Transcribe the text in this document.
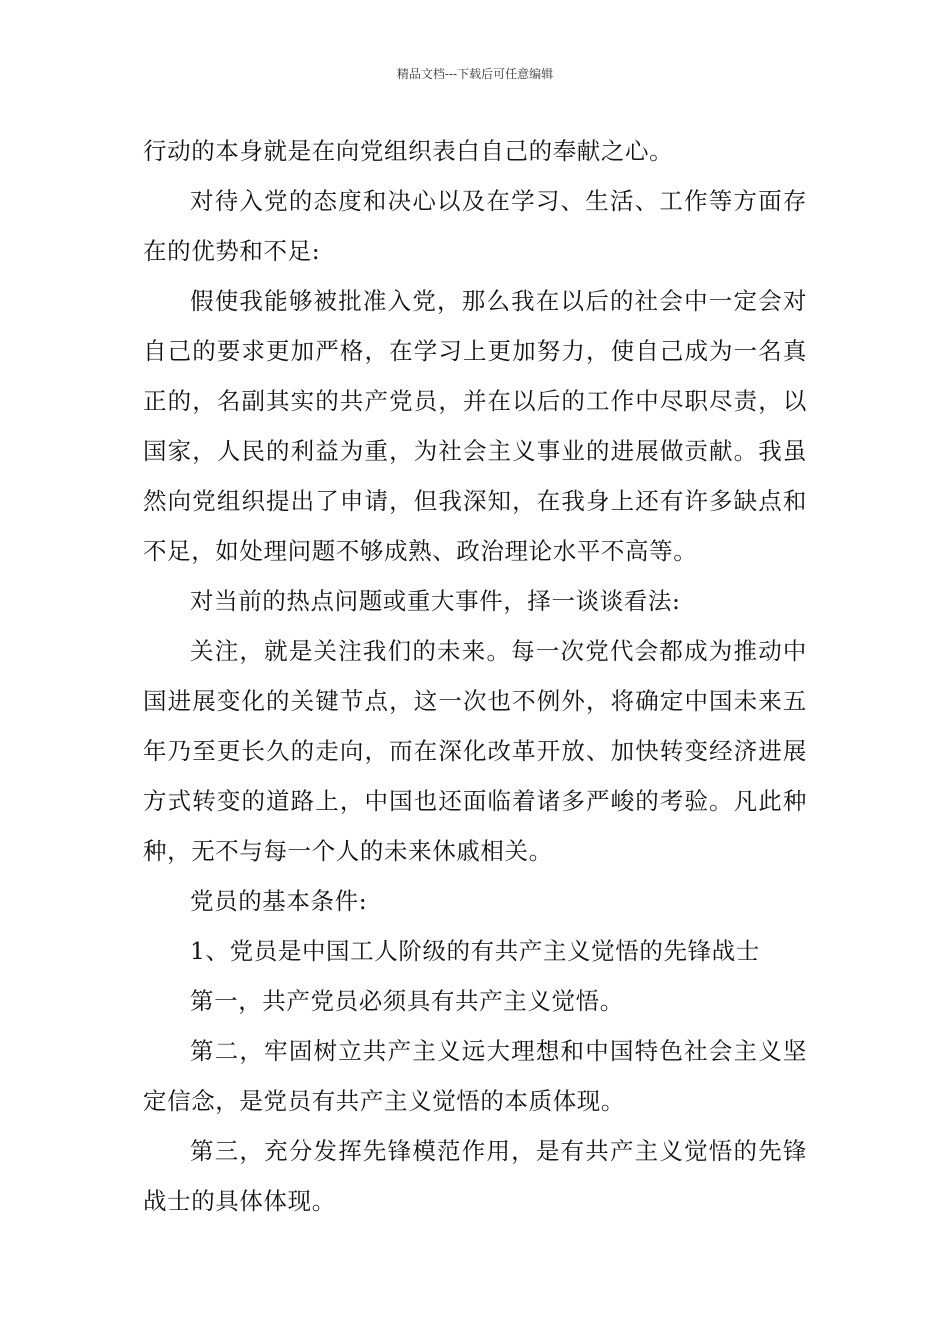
精品文档---下载后可任意编辑

行动的本身就是在向党组织表白自己的奉献之心。

对待入党的态度和决心以及在学习、生活、工作等方面存在的优势和不足:

假使我能够被批准入党，那么我在以后的社会中一定会对自己的要求更加严格，在学习上更加努力，使自己成为一名真正的，名副其实的共产党员，并在以后的工作中尽职尽责，以国家，人民的利益为重，为社会主义事业的进展做贡献。我虽然向党组织提出了申请，但我深知，在我身上还有许多缺点和不足，如处理问题不够成熟、政治理论水平不高等。

对当前的热点问题或重大事件，择一谈谈看法:

关注，就是关注我们的未来。每一次党代会都成为推动中国进展变化的关键节点，这一次也不例外，将确定中国未来五年乃至更长久的走向，而在深化改革开放、加快转变经济进展方式转变的道路上，中国也还面临着诸多严峻的考验。凡此种种，无不与每一个人的未来休戚相关。

党员的基本条件:

1、党员是中国工人阶级的有共产主义觉悟的先锋战士

第一，共产党员必须具有共产主义觉悟。

第二，牢固树立共产主义远大理想和中国特色社会主义坚定信念，是党员有共产主义觉悟的本质体现。

第三，充分发挥先锋模范作用，是有共产主义觉悟的先锋战士的具体体现。
